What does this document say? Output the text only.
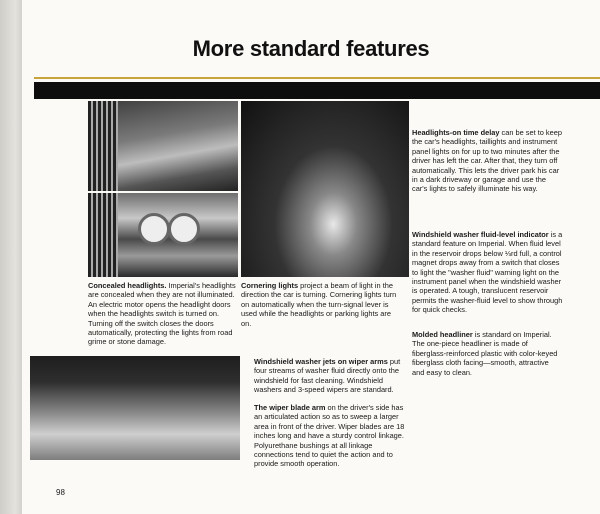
More standard features
Concealed headlights. Imperial's headlights are concealed when they are not illuminated. An electric motor opens the headlight doors when the headlights switch is turned on. Turning off the switch closes the doors automatically, protecting the lights from road grime or stone damage.
Cornering lights project a beam of light in the direction the car is turning. Cornering lights turn on automatically when the turn-signal lever is used while the headlights or parking lights are on.
Headlights-on time delay can be set to keep the car's headlights, taillights and instrument panel lights on for up to two minutes after the driver has left the car. After that, they turn off automatically. This lets the driver park his car in a dark driveway or garage and use the car's lights to safely illuminate his way.
Windshield washer fluid-level indicator is a standard feature on Imperial. When fluid level in the reservoir drops below ⅓rd full, a control magnet drops away from a switch that closes to light the "washer fluid" warning light on the instrument panel when the windshield washer is operated. A tough, translucent reservoir permits the washer-fluid level to show through for quick checks.
Molded headliner is standard on Imperial. The one-piece headliner is made of fiberglass-reinforced plastic with color-keyed fiberglass cloth facing—smooth, attractive and easy to clean.
Windshield washer jets on wiper arms put four streams of washer fluid directly onto the windshield for fast cleaning. Windshield washers and 3-speed wipers are standard.
The wiper blade arm on the driver's side has an articulated action so as to sweep a larger area in front of the driver. Wiper blades are 18 inches long and have a sturdy control linkage. Polyurethane bushings at all linkage connections tend to quiet the action and to provide smooth operation.
98
